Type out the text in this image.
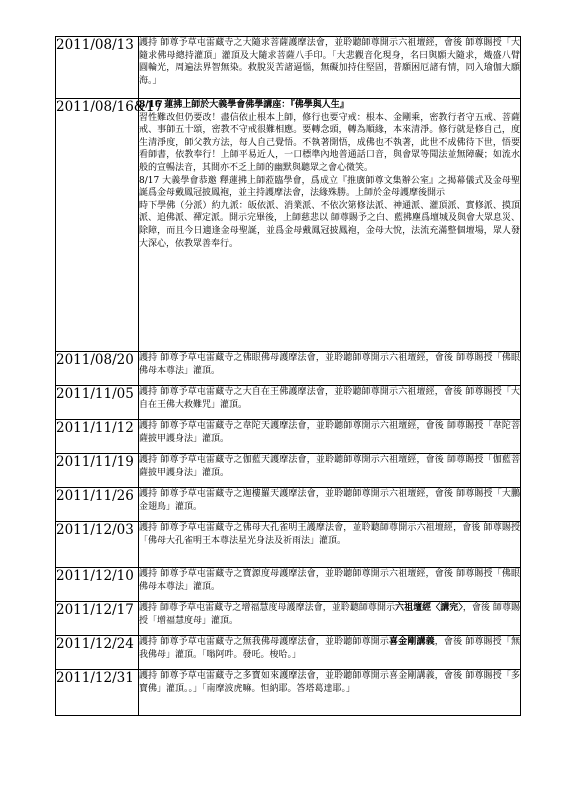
2011/08/13	護持 師尊予草屯雷藏寺之大隨求菩薩護摩法會，並聆聽師尊開示六祖壇經，會後 師尊賜授「大隨求佛母總持灌頂」灌頂及大隨求菩薩八手印。「大悲觀音化現身，名曰與願大隨求，熾盛八臂圓輪光，周遍法界智無染。救脫災苦諸逼惱，無礙加持住堅固，普願困厄諸有情，同入瑜伽大願海。」
2011/08/16&17	8/16 蓮拂上師於大義學會佛學講座：『佛學與人生』
習性難改但仍要改！盡信依止根本上師，修行也要守戒：根本、金剛乘，密教行者守五戒、菩薩戒、事師五十頌，密教不守戒很難相應。要轉念頭，轉為順緣，本來清淨。修行就是修自己，度生清淨度，師父教方法，每人自己覺悟。不執著開悟，成佛也不執著，此世不成佛待下世，悟要看師書，依教奉行！上師平易近人，一口標準內地普通話口音，與會眾等聞法並無障礙；如流水般的宣暢法音，其間亦不乏上師的幽默與聽眾之會心微笑。
8/17 大義學會恭邀 釋蓮拂上師蒞臨學會，爲成立『推廣師尊文集辦公室』之揭幕儀式及金母聖誕爲金母戴鳳冠披鳳袍，並主持護摩法會，法緣殊勝。上師於金母護摩後開示
時下學佛（分派）約九派：皈依派、消業派、不依次第修法派、神通派、灌頂派、實修派、摸頂派、追佛派、禪定派。開示完畢後，上師慈悲以 師尊賜予之白、藍拂塵爲壇城及與會大眾息災、除障，而且今日適逢金母聖誕，並爲金母戴鳳冠披鳳袍，金母大悅，法流充滿整個壇場，眾人發大深心，依教眾善奉行。

2011/08/20	護持 師尊予草屯雷藏寺之佛眼佛母護摩法會，並聆聽師尊開示六祖壇經，會後 師尊賜授「佛眼佛母本尊法」灌頂。
2011/11/05	護持 師尊予草屯雷藏寺之大自在王佛護摩法會，並聆聽師尊開示六祖壇經，會後 師尊賜授「大自在王佛大救難咒」灌頂。
2011/11/12	護持 師尊予草屯雷藏寺之韋陀天護摩法會，並聆聽師尊開示六祖壇經，會後 師尊賜授「韋陀菩薩披甲護身法」灌頂。
2011/11/19	護持 師尊予草屯雷藏寺之伽藍天護摩法會，並聆聽師尊開示六祖壇經，會後 師尊賜授「伽藍菩薩披甲護身法」灌頂。
2011/11/26	護持 師尊予草屯雷藏寺之迦樓羅天護摩法會，並聆聽師尊開示六祖壇經，會後 師尊賜授「大鵬金翅鳥」灌頂。
2011/12/03	護持 師尊予草屯雷藏寺之佛母大孔雀明王護摩法會，並聆聽師尊開示六祖壇經，會後 師尊賜授「佛母大孔雀明王本尊法星光身法及祈雨法」灌頂。
2011/12/10	護持 師尊予草屯雷藏寺之寶源度母護摩法會，並聆聽師尊開示六祖壇經，會後 師尊賜授「佛眼佛母本尊法」灌頂。
2011/12/17	護持 師尊予草屯雷藏寺之增福慧度母護摩法會，並聆聽師尊開示六祖壇經〈講完〉，會後 師尊賜授「增福慧度母」灌頂。
2011/12/24	護持 師尊予草屯雷藏寺之無我佛母護摩法會，並聆聽師尊開示喜金剛講義，會後 師尊賜授「無我佛母」灌頂。「嗡阿吽。發吒。梭哈。」
2011/12/31	護持 師尊予草屯雷藏寺之多寶如來護摩法會，並聆聽師尊開示喜金剛講義，會後 師尊賜授「多寶佛」灌頂。。」「南摩波虎嘛。怛納耶。答塔葛達耶。」
